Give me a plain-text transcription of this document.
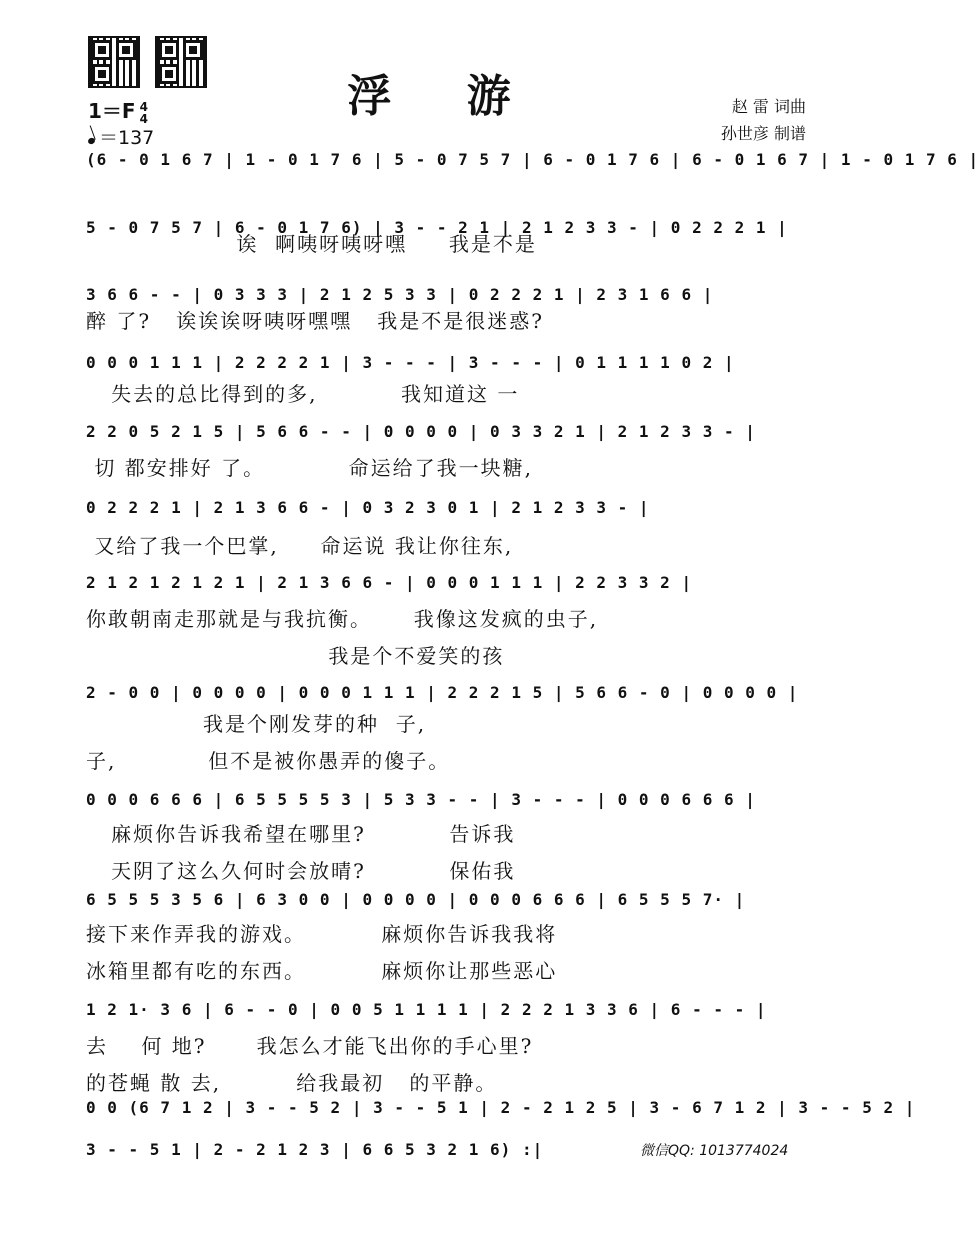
浮 游
1＝F 4
4
＝137
赵 雷 词曲
孙世彦 制谱
(6 - 0 1 6 7 | 1 - 0 1 7 6 | 5 - 0 7 5 7 | 6 - 0 1 7 6 | 6 - 0 1 6 7 | 1 - 0 1 7 6 |
5 - 0 7 5 7 | 6 - 0 1 7 6) | 3 - - 2 1 | 2 1 2 3 3 - | 0 2 2 2 1 |
诶  啊咦呀咦呀嘿     我是不是
3 6 6 - - | 0 3 3 3 | 2 1 2 5 3 3 | 0 2 2 2 1 | 2 3 1 6 6 |
醉 了?   诶诶诶呀咦呀嘿嘿   我是不是很迷惑?
0 0 0 1 1 1 | 2 2 2 2 1 | 3 - - - | 3 - - - | 0 1 1 1 1 0 2 |
失去的总比得到的多,          我知道这 一
2 2 0 5 2 1 5 | 5 6 6 - - | 0 0 0 0 | 0 3 3 2 1 | 2 1 2 3 3 - |
切 都安排好 了。          命运给了我一块糖,
0 2 2 2 1 | 2 1 3 6 6 - | 0 3 2 3 0 1 | 2 1 2 3 3 - |
又给了我一个巴掌,     命运说 我让你往东,
2 1 2 1 2 1 2 1 | 2 1 3 6 6 - | 0 0 0 1 1 1 | 2 2 3 3 2 |
你敢朝南走那就是与我抗衡。     我像这发疯的虫子,
我是个不爱笑的孩
2 - 0 0 | 0 0 0 0 | 0 0 0 1 1 1 | 2 2 2 1 5 | 5 6 6 - 0 | 0 0 0 0 |
我是个刚发芽的种  子,
子,           但不是被你愚弄的傻子。
0 0 0 6 6 6 | 6 5 5 5 5 3 | 5 3 3 - - | 3 - - - | 0 0 0 6 6 6 |
麻烦你告诉我希望在哪里?          告诉我
天阴了这么久何时会放晴?          保佑我
6 5 5 5 3 5 6 | 6 3 0 0 | 0 0 0 0 | 0 0 0 6 6 6 | 6 5 5 5 7· |
接下来作弄我的游戏。         麻烦你告诉我我将
冰箱里都有吃的东西。         麻烦你让那些恶心
1 2 1· 3 6 | 6 - - 0 | 0 0 5 1 1 1 1 | 2 2 2 1 3 3 6 | 6 - - - |
去    何 地?      我怎么才能飞出你的手心里?
的苍蝇 散 去,         给我最初   的平静。
0 0 (6 7 1 2 | 3 - - 5 2 | 3 - - 5 1 | 2 - 2 1 2 5 | 3 - 6 7 1 2 | 3 - - 5 2 |
3 - - 5 1 | 2 - 2 1 2 3 | 6 6 5 3 2 1 6) :|	微信QQ: 1013774024
